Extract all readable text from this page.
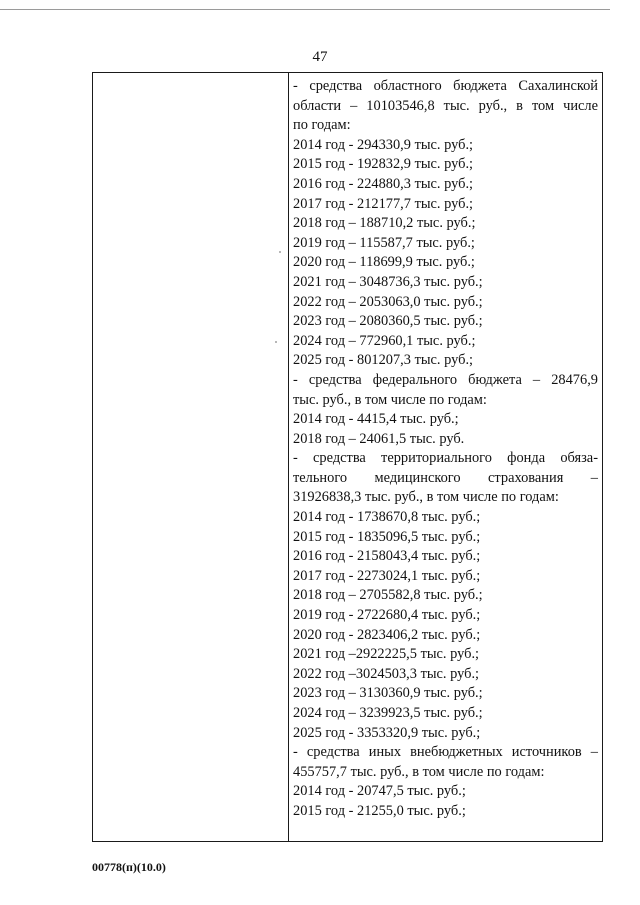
47
- средства областного бюджета Сахалинской
области – 10103546,8 тыс. руб., в том числе
по годам:
2014 год - 294330,9 тыс. руб.;
2015 год - 192832,9 тыс. руб.;
2016 год - 224880,3 тыс. руб.;
2017 год - 212177,7 тыс. руб.;
2018 год – 188710,2 тыс. руб.;
2019 год – 115587,7 тыс. руб.;
2020 год – 118699,9 тыс. руб.;
2021 год – 3048736,3 тыс. руб.;
2022 год – 2053063,0 тыс. руб.;
2023 год – 2080360,5 тыс. руб.;
2024 год – 772960,1 тыс. руб.;
2025 год - 801207,3 тыс. руб.;
- средства федерального бюджета – 28476,9
тыс. руб., в том числе по годам:
2014 год - 4415,4 тыс. руб.;
2018 год – 24061,5 тыс. руб.
- средства территориального фонда обяза-
тельного медицинского страхования –
31926838,3 тыс. руб., в том числе по годам:
2014 год - 1738670,8 тыс. руб.;
2015 год - 1835096,5 тыс. руб.;
2016 год - 2158043,4 тыс. руб.;
2017 год - 2273024,1 тыс. руб.;
2018 год – 2705582,8 тыс. руб.;
2019 год - 2722680,4 тыс. руб.;
2020 год - 2823406,2 тыс. руб.;
2021 год –2922225,5 тыс. руб.;
2022 год –3024503,3 тыс. руб.;
2023 год – 3130360,9 тыс. руб.;
2024 год – 3239923,5 тыс. руб.;
2025 год - 3353320,9 тыс. руб.;
- средства иных внебюджетных источников –
455757,7 тыс. руб., в том числе по годам:
2014 год - 20747,5 тыс. руб.;
2015 год - 21255,0 тыс. руб.;
00778(п)(10.0)
